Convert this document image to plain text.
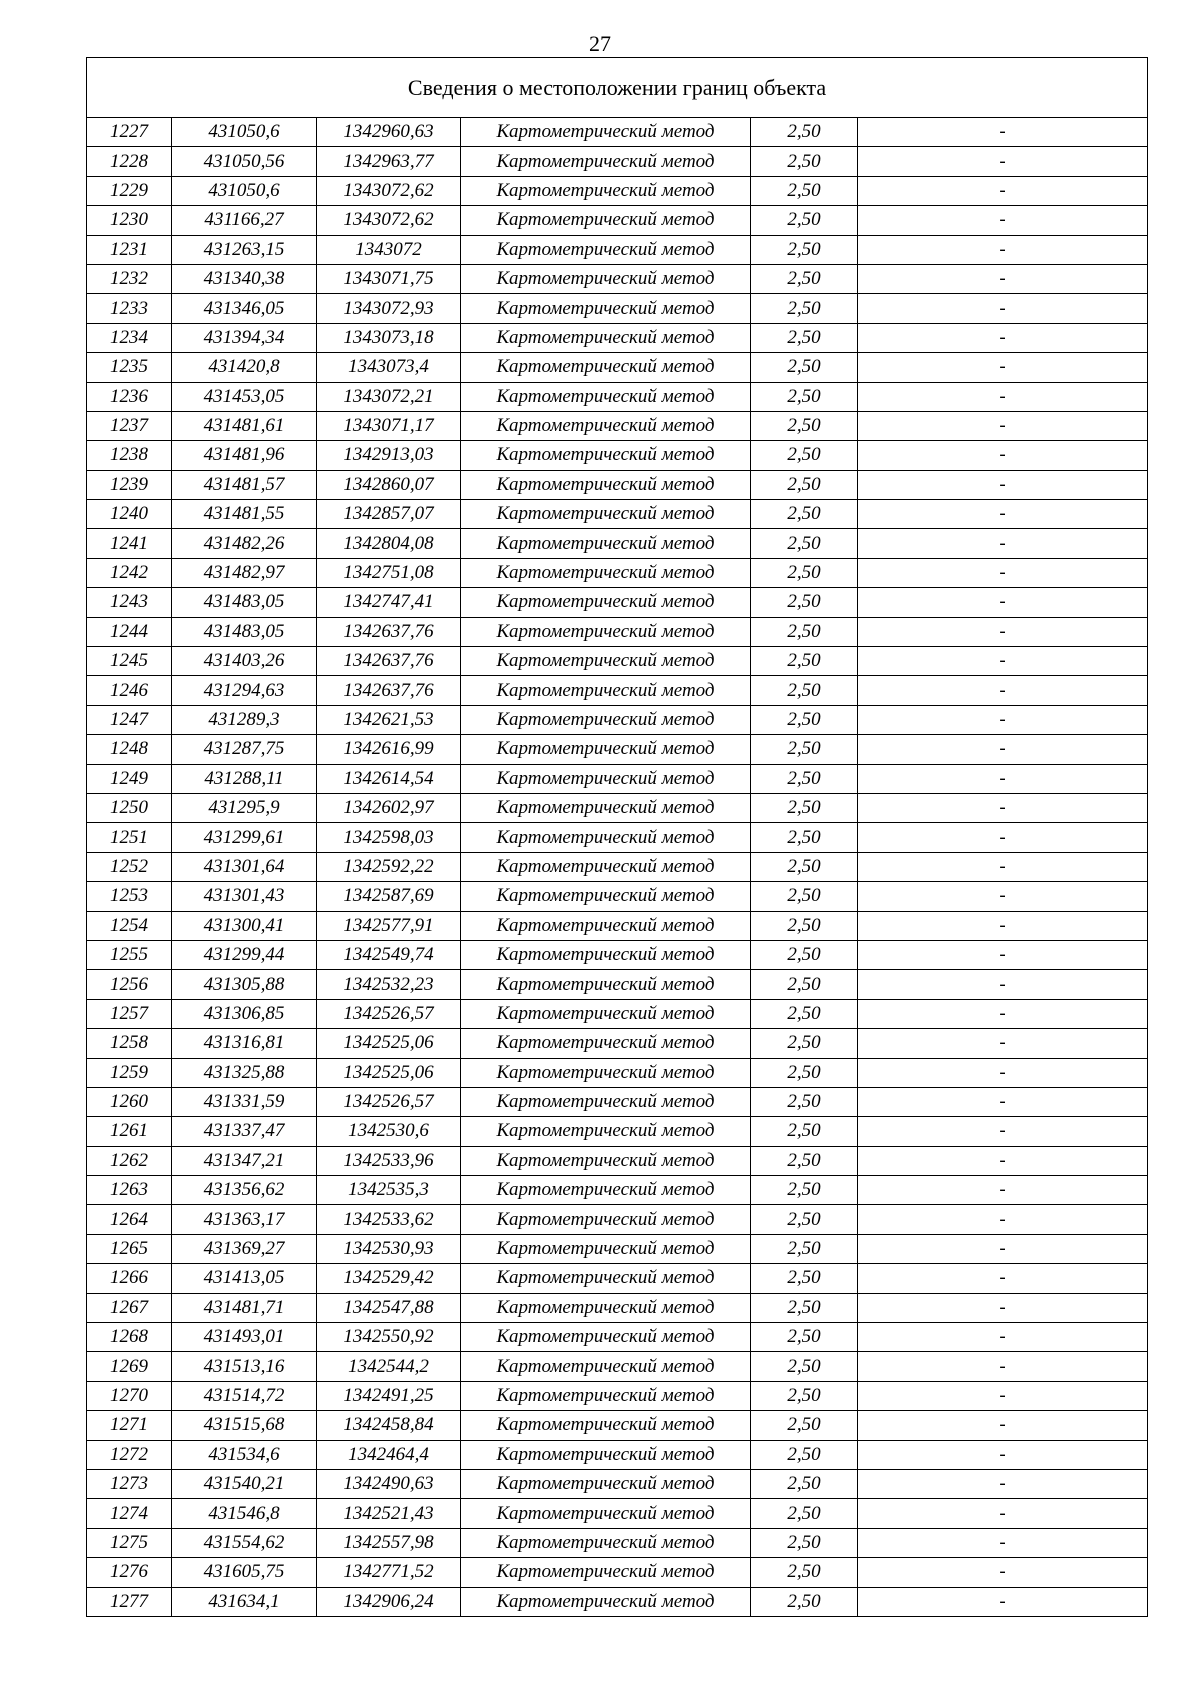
27
Сведения о местоположении границ объекта					
1227	431050,6	1342960,63	Картометрический метод	2,50	-
1228	431050,56	1342963,77	Картометрический метод	2,50	-
1229	431050,6	1343072,62	Картометрический метод	2,50	-
1230	431166,27	1343072,62	Картометрический метод	2,50	-
1231	431263,15	1343072	Картометрический метод	2,50	-
1232	431340,38	1343071,75	Картометрический метод	2,50	-
1233	431346,05	1343072,93	Картометрический метод	2,50	-
1234	431394,34	1343073,18	Картометрический метод	2,50	-
1235	431420,8	1343073,4	Картометрический метод	2,50	-
1236	431453,05	1343072,21	Картометрический метод	2,50	-
1237	431481,61	1343071,17	Картометрический метод	2,50	-
1238	431481,96	1342913,03	Картометрический метод	2,50	-
1239	431481,57	1342860,07	Картометрический метод	2,50	-
1240	431481,55	1342857,07	Картометрический метод	2,50	-
1241	431482,26	1342804,08	Картометрический метод	2,50	-
1242	431482,97	1342751,08	Картометрический метод	2,50	-
1243	431483,05	1342747,41	Картометрический метод	2,50	-
1244	431483,05	1342637,76	Картометрический метод	2,50	-
1245	431403,26	1342637,76	Картометрический метод	2,50	-
1246	431294,63	1342637,76	Картометрический метод	2,50	-
1247	431289,3	1342621,53	Картометрический метод	2,50	-
1248	431287,75	1342616,99	Картометрический метод	2,50	-
1249	431288,11	1342614,54	Картометрический метод	2,50	-
1250	431295,9	1342602,97	Картометрический метод	2,50	-
1251	431299,61	1342598,03	Картометрический метод	2,50	-
1252	431301,64	1342592,22	Картометрический метод	2,50	-
1253	431301,43	1342587,69	Картометрический метод	2,50	-
1254	431300,41	1342577,91	Картометрический метод	2,50	-
1255	431299,44	1342549,74	Картометрический метод	2,50	-
1256	431305,88	1342532,23	Картометрический метод	2,50	-
1257	431306,85	1342526,57	Картометрический метод	2,50	-
1258	431316,81	1342525,06	Картометрический метод	2,50	-
1259	431325,88	1342525,06	Картометрический метод	2,50	-
1260	431331,59	1342526,57	Картометрический метод	2,50	-
1261	431337,47	1342530,6	Картометрический метод	2,50	-
1262	431347,21	1342533,96	Картометрический метод	2,50	-
1263	431356,62	1342535,3	Картометрический метод	2,50	-
1264	431363,17	1342533,62	Картометрический метод	2,50	-
1265	431369,27	1342530,93	Картометрический метод	2,50	-
1266	431413,05	1342529,42	Картометрический метод	2,50	-
1267	431481,71	1342547,88	Картометрический метод	2,50	-
1268	431493,01	1342550,92	Картометрический метод	2,50	-
1269	431513,16	1342544,2	Картометрический метод	2,50	-
1270	431514,72	1342491,25	Картометрический метод	2,50	-
1271	431515,68	1342458,84	Картометрический метод	2,50	-
1272	431534,6	1342464,4	Картометрический метод	2,50	-
1273	431540,21	1342490,63	Картометрический метод	2,50	-
1274	431546,8	1342521,43	Картометрический метод	2,50	-
1275	431554,62	1342557,98	Картометрический метод	2,50	-
1276	431605,75	1342771,52	Картометрический метод	2,50	-
1277	431634,1	1342906,24	Картометрический метод	2,50	-
